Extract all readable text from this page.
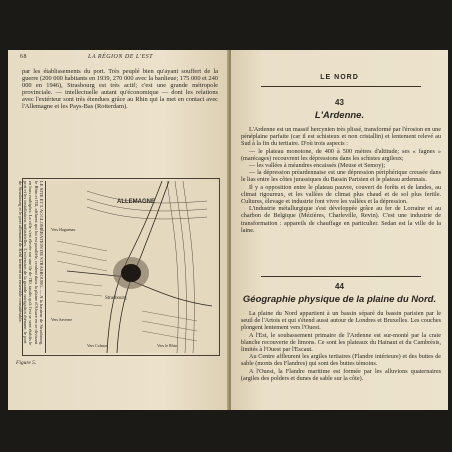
68	LA RÉGION DE L'EST
par les établissements du port. Très peuplé bien qu'ayant souffert de la guerre (200 000 habitants en 1939, 270 000 avec la banlieue; 175 000 et 240 000 en 1946), Strasbourg est très actif; c'est une grande métropole provinciale. — intellectuelle autant qu'économique — dont les relations avec l'extérieur sont très étendues grâce au Rhin qui la met en contact avec l'Allemagne et les Pays-Bas (Rotterdam).
LE SITE ET L'AGGLOMÉRATION DE STRASBOURG. — A la hauteur de Strasbourg, le Rhin et l'Ill, affluent qui lui est parallèle, coulent dans la plaine d'Alsace en se divisant en bras multiples. La ville s'est élevée sur une île de l'Ill, tandis qu'à l'est se sont établis le port et les installations industrielles. L'extension de la grande navigation rhénane, le port de Strasbourg et le port allemand de Kehl forment un ensemble considérable.	ALLEMAGNE
Strasbourg
Vers Haguenau
Vers Saverne
Vers Colmar	Vers le Rhin
Figure 5.
LE NORD
43
L'Ardenne.

L'Ardenne est un massif hercynien très plissé, transformé par l'érosion en une pénéplaine parfaite (car il est schisteux et non cristallin) et lentement relevé au Sud à la fin du tertiaire. D'où trois aspects :

— le plateau monotone, de 400 à 500 mètres d'altitude; ses « fagnes » (marécages) recouvrent les dépressions dans les schistes argileux;

— les vallées à méandres encaissés (Meuse et Semoy);

— la dépression préardennaise est une dépression périphérique creusée dans le lias entre les côtes jurassiques du Bassin Parisien et le plateau ardennais.

Il y a opposition entre le plateau pauvre, couvert de forêts et de landes, au climat rigoureux, et les vallées de climat plus chaud et de sol plus fertile. Cultures, élevage et industrie font vivre les vallées et la dépression.

L'industrie métallurgique s'est développée grâce au fer de Lorraine et au charbon de Belgique (Mézières, Charleville, Revin). C'est une industrie de transformation : appareils de chauffage en particulier. Sedan est la ville de la laine.

44
Géographie physique de la plaine du Nord.

La plaine du Nord appartient à un bassin séparé du bassin parisien par le seuil de l'Artois et qui s'étend aussi autour de Londres et Bruxelles. Les couches plongent lentement vers l'Ouest.

A l'Est, le soubassement primaire de l'Ardenne est sur-monté par la craie blanche recouverte de limons. Ce sont les plateaux du Hainaut et du Cambrésis, limités à l'Ouest par l'Escaut.

Au Centre affleurent les argiles tertiaires (Flandre intérieure) et des buttes de sable (monts des Flandres) qui sont des buttes témoins.

A l'Ouest, la Flandre maritime est formée par les alluvions quaternaires (argiles des polders et dunes de sable sur la côte).
